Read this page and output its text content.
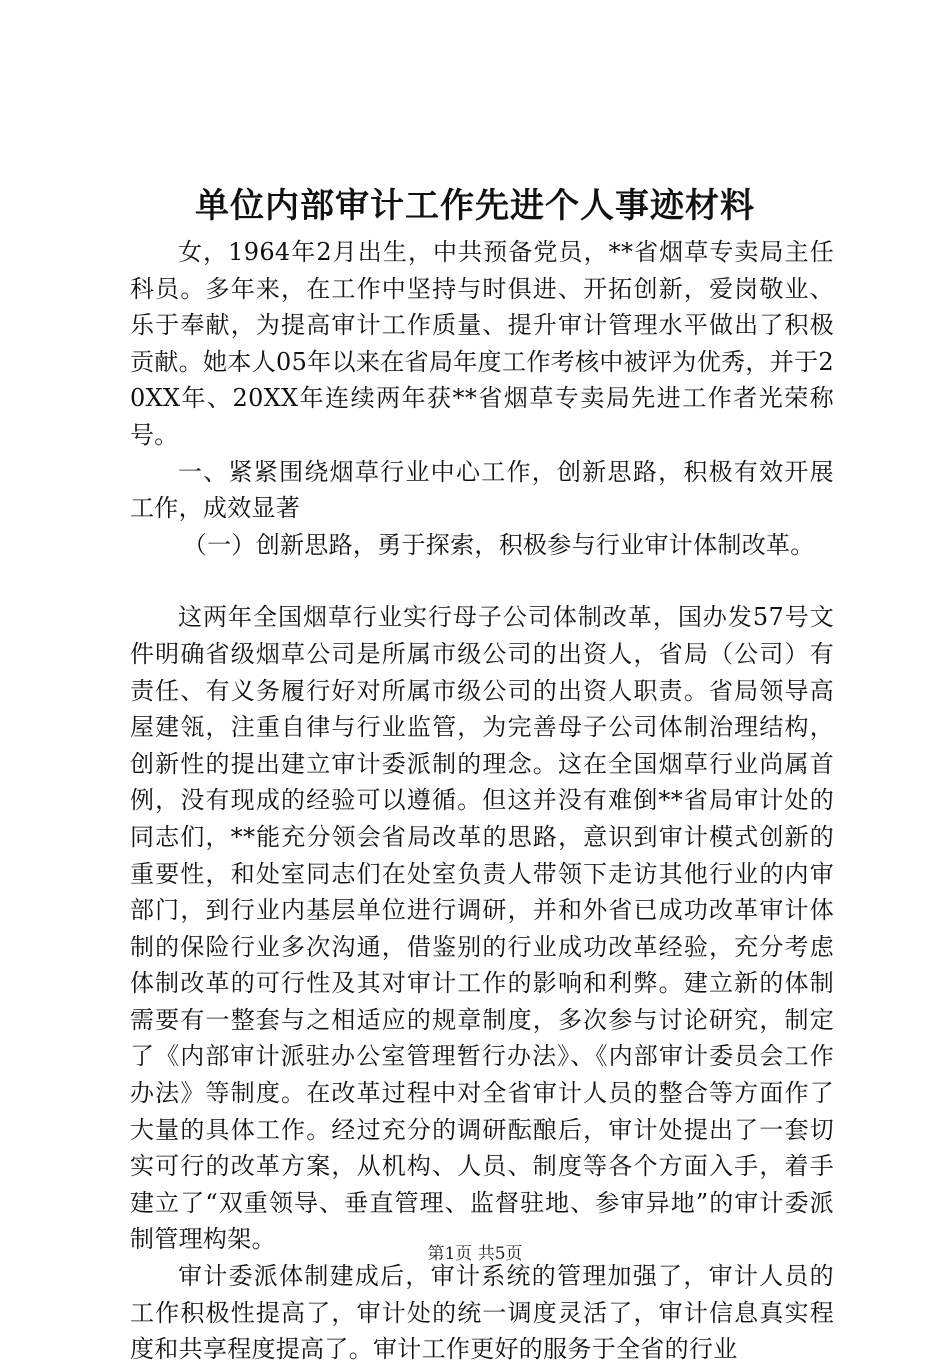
单位内部审计工作先进个人事迹材料

女，1964年2月出生，中共预备党员，**省烟草专卖局主任科员。多年来，在工作中坚持与时俱进、开拓创新，爱岗敬业、乐于奉献，为提高审计工作质量、提升审计管理水平做出了积极贡献。她本人05年以来在省局年度工作考核中被评为优秀，并于20XX年、20XX年连续两年获**省烟草专卖局先进工作者光荣称号。

一、紧紧围绕烟草行业中心工作，创新思路，积极有效开展工作，成效显著

（一）创新思路，勇于探索，积极参与行业审计体制改革。

这两年全国烟草行业实行母子公司体制改革，国办发57号文件明确省级烟草公司是所属市级公司的出资人，省局（公司）有责任、有义务履行好对所属市级公司的出资人职责。省局领导高屋建瓴，注重自律与行业监管，为完善母子公司体制治理结构，创新性的提出建立审计委派制的理念。这在全国烟草行业尚属首例，没有现成的经验可以遵循。但这并没有难倒**省局审计处的同志们，**能充分领会省局改革的思路，意识到审计模式创新的重要性，和处室同志们在处室负责人带领下走访其他行业的内审部门，到行业内基层单位进行调研，并和外省已成功改革审计体制的保险行业多次沟通，借鉴别的行业成功改革经验，充分考虑体制改革的可行性及其对审计工作的影响和利弊。建立新的体制需要有一整套与之相适应的规章制度，多次参与讨论研究，制定了《内部审计派驻办公室管理暂行办法》、《内部审计委员会工作办法》等制度。在改革过程中对全省审计人员的整合等方面作了大量的具体工作。经过充分的调研酝酿后，审计处提出了一套切实可行的改革方案，从机构、人员、制度等各个方面入手，着手建立了“双重领导、垂直管理、监督驻地、参审异地”的审计委派制管理构架。

审计委派体制建成后，审计系统的管理加强了，审计人员的工作积极性提高了，审计处的统一调度灵活了，审计信息真实程度和共享程度提高了。审计工作更好的服务于全省的行业

第1页 共5页
